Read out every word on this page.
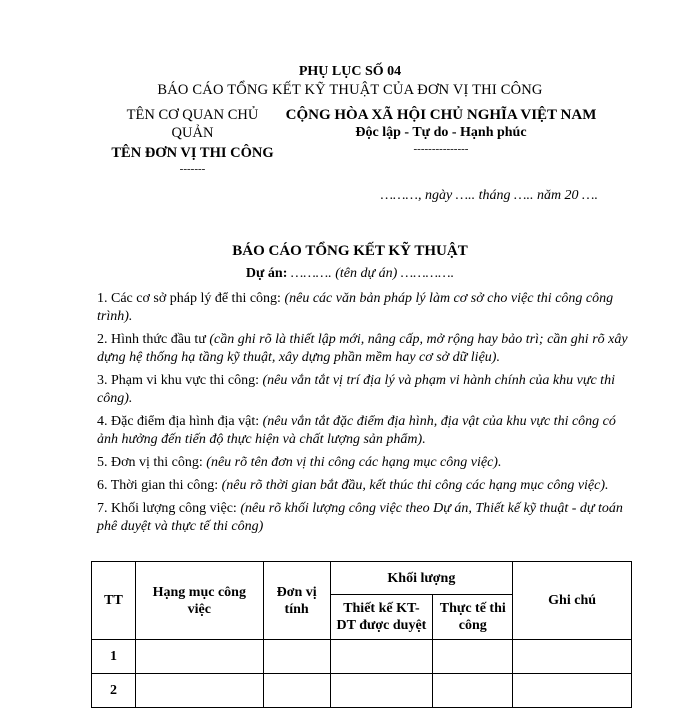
PHỤ LỤC SỐ 04
BÁO CÁO TỔNG KẾT KỸ THUẬT CỦA ĐƠN VỊ THI CÔNG
TÊN CƠ QUAN CHỦ QUẢN
TÊN ĐƠN VỊ THI CÔNG
-------
CỘNG HÒA XÃ HỘI CHỦ NGHĨA VIỆT NAM
Độc lập - Tự do - Hạnh phúc
---------------
………, ngày ….. tháng ….. năm 20 ….
BÁO CÁO TỔNG KẾT KỸ THUẬT
Dự án: ………. (tên dự án) ………….

1. Các cơ sở pháp lý để thi công: (nêu các văn bản pháp lý làm cơ sở cho việc thi công công trình).

2. Hình thức đầu tư (cần ghi rõ là thiết lập mới, nâng cấp, mở rộng hay bảo trì; cần ghi rõ xây dựng hệ thống hạ tầng kỹ thuật, xây dựng phần mềm hay cơ sở dữ liệu).

3. Phạm vi khu vực thi công: (nêu vắn tắt vị trí địa lý và phạm vi hành chính của khu vực thi công).

4. Đặc điểm địa hình địa vật: (nêu vắn tắt đặc điểm địa hình, địa vật của khu vực thi công có ảnh hưởng đến tiến độ thực hiện và chất lượng sản phẩm).

5. Đơn vị thi công: (nêu rõ tên đơn vị thi công các hạng mục công việc).

6. Thời gian thi công: (nêu rõ thời gian bắt đầu, kết thúc thi công các hạng mục công việc).

7. Khối lượng công việc: (nêu rõ khối lượng công việc theo Dự án, Thiết kế kỹ thuật - dự toán phê duyệt và thực tế thi công)

TT	Hạng mục công việc	Đơn vị tính	Khối lượng		Ghi chú
			Thiết kế KT-DT được duyệt	Thực tế thi công	
1					
2					
